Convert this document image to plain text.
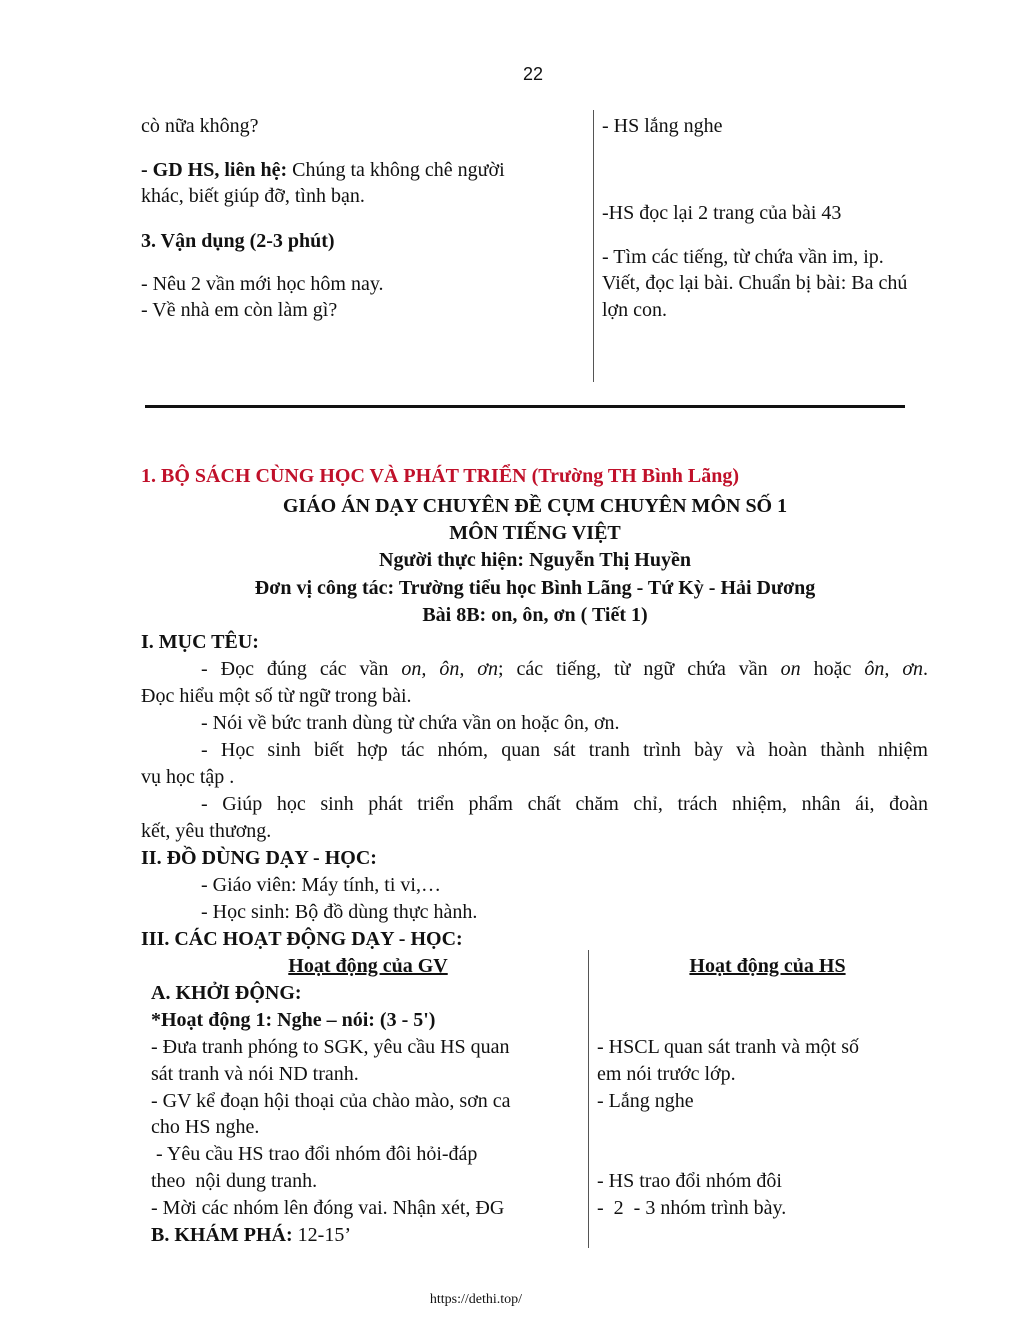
22
cò nữa không?
- GD HS, liên hệ: Chúng ta không chê người
khác, biết giúp đỡ, tình bạn.
3. Vận dụng (2-3 phút)
- Nêu 2 vần mới học hôm nay.
- Về nhà em còn làm gì?
- HS lắng nghe
-HS đọc lại 2 trang của bài 43
- Tìm các tiếng, từ chứa vần im, ip.
Viết, đọc lại bài. Chuẩn bị bài: Ba chú
lợn con.
1. BỘ SÁCH CÙNG HỌC VÀ PHÁT TRIỂN (Trường TH Bình Lãng)
GIÁO ÁN DẠY CHUYÊN ĐỀ CỤM CHUYÊN MÔN SỐ 1
MÔN TIẾNG VIỆT
Người thực hiện: Nguyễn Thị Huyền
Đơn vị công tác: Trường tiểu học Bình Lãng - Tứ Kỳ - Hải Dương
Bài 8B: on, ôn, ơn ( Tiết 1)
I. MỤC TÊU:
- Đọc đúng các vần on, ôn, ơn; các tiếng, từ ngữ chứa vần on hoặc ôn, ơn.
Đọc hiểu một số từ ngữ trong bài.
- Nói về bức tranh dùng từ chứa vần on hoặc ôn, ơn.
- Học sinh biết hợp tác nhóm, quan sát tranh trình bày và hoàn thành nhiệm
vụ học tập .
- Giúp học sinh phát triển phẩm chất chăm chỉ, trách nhiệm, nhân ái, đoàn
kết, yêu thương.
II. ĐỒ DÙNG DẠY - HỌC:
- Giáo viên: Máy tính, ti vi,…
- Học sinh: Bộ đồ dùng thực hành.
III. CÁC HOẠT ĐỘNG DẠY - HỌC:
Hoạt động của GV	Hoạt động của HS
A. KHỞI ĐỘNG:
*Hoạt động 1: Nghe – nói: (3 - 5')
- Đưa tranh phóng to SGK, yêu cầu HS quan
sát tranh và nói ND tranh.
- GV kể đoạn hội thoại của chào mào, sơn ca
cho HS nghe.
- Yêu cầu HS trao đổi nhóm đôi hỏi-đáp
theo  nội dung tranh.
- Mời các nhóm lên đóng vai. Nhận xét, ĐG
B. KHÁM PHÁ: 12-15’
- HSCL quan sát tranh và một số
em nói trước lớp.
- Lắng nghe
- HS trao đổi nhóm đôi
-  2  - 3 nhóm trình bày.
https://dethi.top/
